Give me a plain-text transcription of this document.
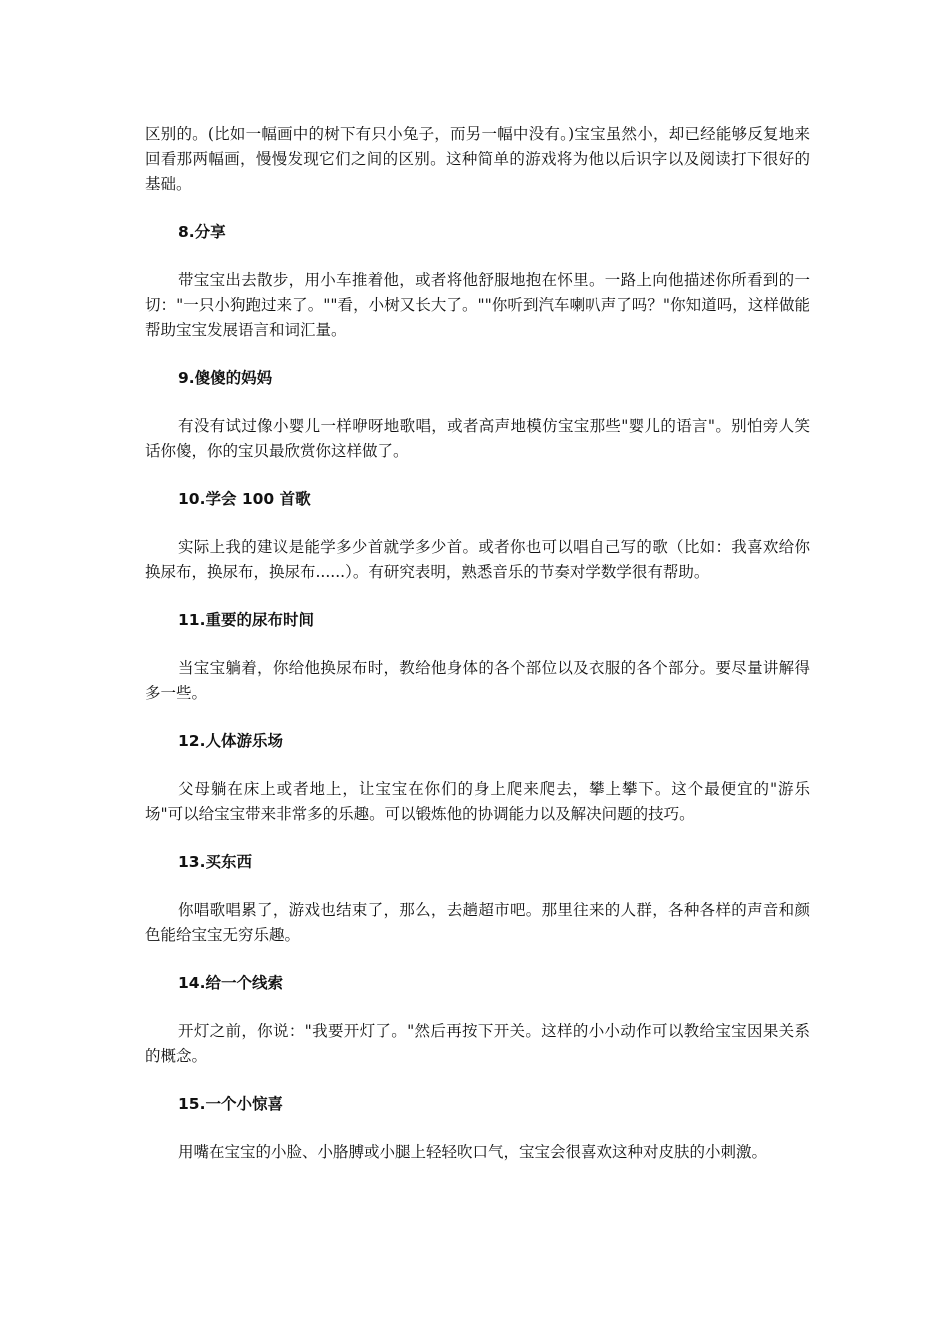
区别的。(比如一幅画中的树下有只小兔子，而另一幅中没有。)宝宝虽然小，却已经能够反复地来回看那两幅画，慢慢发现它们之间的区别。这种简单的游戏将为他以后识字以及阅读打下很好的基础。

8.分享

带宝宝出去散步，用小车推着他，或者将他舒服地抱在怀里。一路上向他描述你所看到的一切："一只小狗跑过来了。""看，小树又长大了。""你听到汽车喇叭声了吗？"你知道吗，这样做能帮助宝宝发展语言和词汇量。

9.傻傻的妈妈

有没有试过像小婴儿一样咿呀地歌唱，或者高声地模仿宝宝那些"婴儿的语言"。别怕旁人笑话你傻，你的宝贝最欣赏你这样做了。

10.学会 100 首歌

实际上我的建议是能学多少首就学多少首。或者你也可以唱自己写的歌（比如：我喜欢给你换尿布，换尿布，换尿布......）。有研究表明，熟悉音乐的节奏对学数学很有帮助。

11.重要的尿布时间

当宝宝躺着，你给他换尿布时，教给他身体的各个部位以及衣服的各个部分。要尽量讲解得多一些。

12.人体游乐场

父母躺在床上或者地上，让宝宝在你们的身上爬来爬去，攀上攀下。这个最便宜的"游乐场"可以给宝宝带来非常多的乐趣。可以锻炼他的协调能力以及解决问题的技巧。

13.买东西

你唱歌唱累了，游戏也结束了，那么，去趟超市吧。那里往来的人群，各种各样的声音和颜色能给宝宝无穷乐趣。

14.给一个线索

开灯之前，你说："我要开灯了。"然后再按下开关。这样的小小动作可以教给宝宝因果关系的概念。

15.一个小惊喜

用嘴在宝宝的小脸、小胳膊或小腿上轻轻吹口气，宝宝会很喜欢这种对皮肤的小刺激。
